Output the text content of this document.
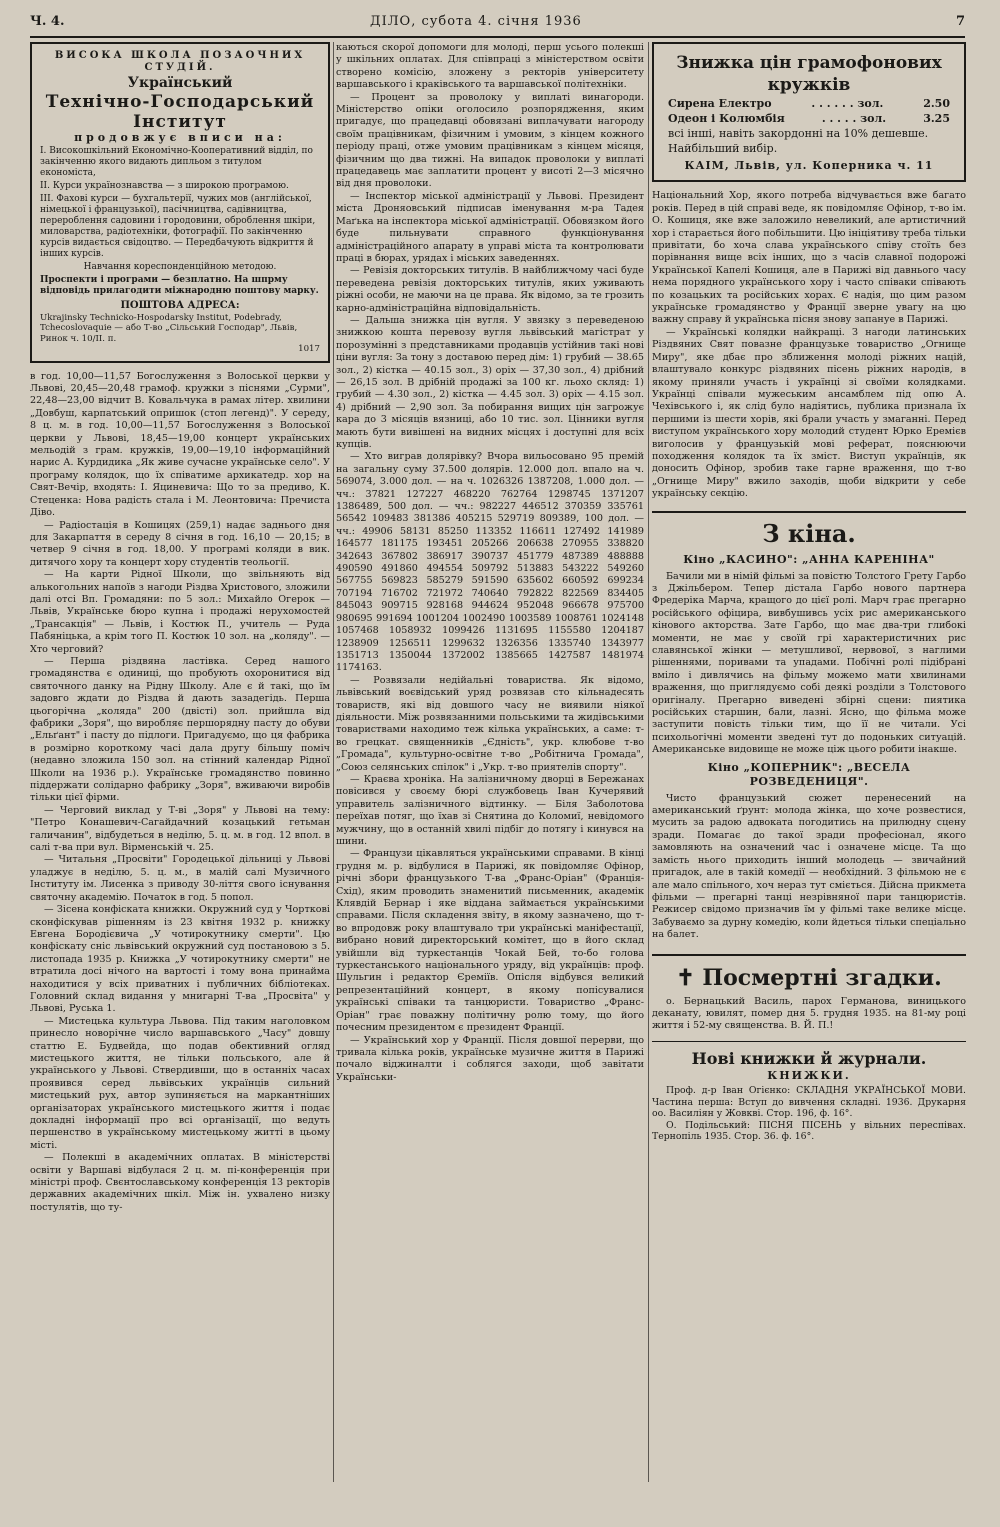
Ч. 4.	ДІЛО, субота 4. січня 1936	7
ВИСОКА ШКОЛА ПОЗАОЧНИХ СТУДІЙ.
Український
Технічно-Господарський Інститут
продовжує вписи на:
І. Високошкільний Економічно-Кооперативний відділ, по закінченню якого видають дипльом з титулом економіста,
ІІ. Курси українознавства — з широкою програмою.
ІІІ. Фахові курси — бухгальтерії, чужих мов (англійської, німецької і французької), пасічництва, садівництва, перероблення садовини і городовини, оброблення шкіри, миловарства, радіотехніки, фотографії. По закінченню курсів видається свідоцтво. — Передбачують відкриття й інших курсів.
Навчання кореспонденційною методою.
Проспекти і програми — безплатно. На шпрму відповідь прилагодити міжнародню поштову марку.
ПОШТОВА АДРЕСА:
Ukrajinsky Technicko-Hospodarsky Institut, Podebrady, Tchecoslovaquie — або Т-во „Сільський Господар", Львів, Ринок ч. 10/II. п.
1017

в год. 10,00—11,57 Богослуження з Волоської церкви у Львові, 20,45—20,48 грамоф. кружки з піснями „Сурми", 22,48—23,00 відчит В. Ковальчука в рамах літер. хвилини „Довбуш, карпатський опришок (стоп легенд)". У середу, 8 ц. м. в год. 10,00—11,57 Богослуження з Волоської церкви у Львові, 18,45—19,00 концерт українських мельодій з грам. кружків, 19,00—19,10 інформаційний нарис А. Курдидика „Як живе сучасне українське село". У програму колядок, що їх співатиме архикатедр. хор на Свят-Вечір, входять: І. Яциневича: Що то за предиво, К. Стеценка: Нова радість стала і М. Леонтовича: Пречиста Діво.

— Радіостація в Кошицях (259,1) надає заднього дня для Закарпаття в середу 8 січня в год. 16,10 — 20,15; в четвер 9 січня в год. 18,00. У програмі коляди в вик. дитячого хору та концерт хору студентів теольогії.

— На карти Рідної Школи, що звільняють від алькогольних напоїв з нагоди Різдва Христового, зложили далі отсі Вп. Громадяни: по 5 зол.: Михайло Огерок — Львів, Українське бюро купна і продажі нерухомостей „Трансакція" — Львів, і Костюк П., учитель — Руда Пабяніцька, а крім того П. Костюк 10 зол. на „коляду". — Хто черговий?

— Перша різдвяна ластівка. Серед нашого громадянства є одиниці, що пробують охоронитися від святочного данку на Рідну Школу. Але є й такі, що їм задовго ждати до Різдва й дають зазадегідь. Перша цьогорічна „коляда" 200 (двісті) зол. прийшла від фабрики „Зоря", що виробляє першорядну пасту до обуви „Ельґант" і пасту до підлоги. Пригадуємо, що ця фабрика в розмірно короткому часі дала другу більшу поміч (недавно зложила 150 зол. на стінний календар Рідної Школи на 1936 р.). Українське громадянство повинно піддержати солідарно фабрику „Зоря", вживаючи виробів тільки цієї фірми.

— Черговий виклад у Т-ві „Зоря" у Львові на тему: "Петро Конашевич-Сагайдачний козацький гетьман галичанин", відбудеться в неділю, 5. ц. м. в год. 12 впол. в салі т-ва при вул. Вірменській ч. 25.

— Читальня „Просвіти" Городецької дільниці у Львові уладжує в неділю, 5. ц. м., в малій салі Музичного Інституту ім. Лисенка з приводу 30-ліття свого існування святочну академію. Початок в год. 5 попол.

— Зісена конфіската книжки. Окружний суд у Чорткові сконфіскував рішенням із 23 квітня 1932 р. книжку Евгена Бородієвича „У чотирокутнику смерти". Цю конфіскату сніс львівський окружний суд постановою з 5. листопада 1935 р. Книжка „У чотирокутнику смерти" не втратила досі нічого на вартості і тому вона принайма находитися у всіх приватних і публичних бібліотеках. Головний склад видання у мнигарні Т-ва „Просвіта" у Львові, Руська 1.

— Мистецька культура Львова. Під таким наголовком принесло новорічне число варшавського „Часу" довшу статтю Е. Будвейда, що подав обективний огляд мистецького життя, не тільки польського, але й українського у Львові. Ствердивши, що в останніх часах проявився серед львівських українців сильний мистецький рух, автор зупиняється на маркантніших організаторах українського мистецького життя і подає докладні інформації про всі організації, що ведуть першенство в українському мистецькому житті в цьому місті.

— Полекші в академічних оплатах. В міністерстві освіти у Варшаві відбулася 2 ц. м. пі-конференція при міністрі проф. Свєнтославському конференція 13 ректорів державних академічних шкіл. Між ін. ухвалено низку постулятів, що ту-

каються скорої допомоги для молоді, перш усього полекші у шкільних оплатах. Для співпраці з міністерством освіти створено комісію, зложену з ректорів університету варшавського і краківського та варшавської політехніки.

— Процент за проволоку у виплаті винагороди. Міністерство опіки оголосило розпорядження, яким пригадує, що працедавці обовязані виплачувати нагороду своїм працівникам, фізичним і умовим, з кінцем кожного періоду праці, отже умовим працівникам з кінцем місяця, фізичним що два тижні. На випадок проволоки у виплаті працедавець має заплатити процент у висоті 2—3 місячно від дня проволоки.

— Інспектор міської адміністрації у Львові. Президент міста Дроняовський підписав іменування м-ра Тадея Маґька на інспектора міської адміністрації. Обовязком його буде пильнувати справного функціонування адміністраційного апарату в управі міста та контролювати праці в бюрах, урядах і міських заведеннях.

— Ревізія докторських титулів. В найближчому часі буде переведена ревізія докторських титулів, яких уживають ріжні особи, не маючи на це права. Як відомо, за те грозить карно-адміністраційна відповідальність.

— Дальша знижка цін вугля. У звязку з переведеною знижкою кошта перевозу вугля львівський магістрат у порозумінні з представниками продавців устійнив такі нові ціни вугля: За тону з доставою перед дім: 1) грубий — 38.65 зол., 2) кістка — 40.15 зол., 3) оріх — 37,30 зол., 4) дрібний — 26,15 зол. В дрібній продажі за 100 кг. льохо скляд: 1) грубий — 4.30 зол., 2) кістка — 4.45 зол. 3) оріх — 4.15 зол. 4) дрібний — 2,90 зол. За побирання вищих цін загрожує кара до 3 місяців вязниці, або 10 тис. зол. Цінники вугля мають бути вивішені на видних місцях і доступні для всіх купців.

— Хто виграв долярівку? Вчора вильосовано 95 премій на загальну суму 37.500 долярів. 12.000 дол. впало на ч. 569074, 3.000 дол. — на ч. 1026326 1387208, 1.000 дол. — чч.: 37821 127227 468220 762764 1298745 1371207 1386489, 500 дол. — чч.: 982227 446512 370359 335761 56542 109483 381386 405215 529719 809389, 100 дол. — чч.: 49906 58131 85250 113352 116611 127492 141989 164577 181175 193451 205266 206638 270955 338820 342643 367802 386917 390737 451779 487389 488888 490590 491860 494554 509792 513883 543222 549260 567755 569823 585279 591590 635602 660592 699234 707194 716702 721972 740640 792822 822569 834405 845043 909715 928168 944624 952048 966678 975700 980695 991694 1001204 1002490 1003589 1008761 1024148 1057468 1058932 1099426 1131695 1155580 1204187 1238909 1256511 1299632 1326356 1335740 1343977 1351713 1350044 1372002 1385665 1427587 1481974 1174163.

— Розвязали недійальні товариства. Як відомо, львівський воєвідський уряд розвязав сто кільнадесять товариств, які від довшого часу не виявили ніякої діяльности. Між розвязанними польськими та жидівськими товариствами находимо теж кілька українських, а саме: т-во грецкат. священників „Єдність", укр. клюбове т-во „Громада", культурно-освітне т-во „Робітнича Громада", „Союз селянських спілок" і „Укр. т-во приятелів спорту".

— Краєва хроніка. На залізничному дворці в Бережанах повісився у своєму бюрі службовець Іван Кучерявий управитель залізничного відтинку. — Біля Заболотова переїхав потяг, що їхав зі Снятина до Коломиї, невідомого мужчину, що в останній хвилі підбіг до потягу і кинувся на шини.

— Французи цікавляться українськими справами. В кінці грудня м. р. відбулися в Парижі, як повідомляє Офінор, річні збори французького Т-ва „Франс-Оріан" (Франція-Схід), яким проводить знаменитий письменник, академік Клявдій Бернар і яке віддана займається українськими справами. Після складення звіту, в якому зазначено, що т-во впродовж року влаштувало три українські маніфестації, вибрано новий директорський комітет, що в його склад увійшли від туркестанців Чокай Бей, то-бо голова туркестанського національного уряду, від українців: проф. Шульгин і редактор Єреміїв. Опісля відбувся великий репрезентаційний концерт, в якому попісувалися українські співаки та танцюристи. Товариство „Франс-Оріан" грає поважну політичну ролю тому, що його почесним президентом є президент Франції.

— Український хор у Франції. Після довшої перерви, що тривала кілька років, українське музичне життя в Парижі почало віджиналти і соблягся заходи, щоб завітати Українськи-

Знижка цін грамофонових кружків
Сирена Електро	. . . . . . зол.	2.50
Одеон і Колюмбія	. . . . . зол.	3.25
всі інші, навіть закордонні на 10% дешевше. Найбільший вибір.
КАІМ, Львів, ул. Коперника ч. 11

Національний Хор, якого потреба відчувається вже багато років. Перед в цій справі веде, як повідомляє Офінор, т-во ім. О. Кошиця, яке вже заложило невеликий, але артистичний хор і старається його побільшити. Цю ініціятиву треба тільки привітати, бо хоча слава українського співу стоїть без порівнання вище всіх інших, що з часів славної подорожі Української Капелі Кошиця, але в Парижі від давнього часу нема порядного українського хору і часто співаки співають по козацьких та російських хорах. Є надія, що цим разом українське громадянство у Франції зверне увагу на цю важну справу й українська пісня знову запануе в Парижі.

— Українські колядки найкращі. З нагоди латинських Різдвяних Свят повазне французьке товариство „Огнище Миру", яке дбає про зближення молоді ріжних націй, влаштувало конкурс різдвяних пісень ріжних народів, в якому приняли участь і українці зі своїми колядками. Українці співали мужеським ансамблем під опю А. Чехівського і, як слід було надіятись, публика признала їх першими із шести хорів, які брали участь у змаганні. Перед виступом українського хору молодий студент Юрко Еремієв виголосив у французькій мові реферат, пояснюючи походження колядок та їх зміст. Виступ українців, як доносить Офінор, зробив таке гарне враження, що т-во „Огнище Миру" вжило заходів, щоби відкрити у себе українську секцію.

З кіна.
Кіно „КАСИНО": „АННА КАРЕНІНА"

Бачили ми в німій фільмі за повістю Толстого Грету Гарбо з Джільбером. Тепер дістала Гарбо нового партнера Фредеріка Марча, кращого до цієї ролі. Марч грає прегарно російського офіцира, вивбушивсь усіх рис американського кінового акторства. Зате Гарбо, що має два-три глибокі моменти, не має у своїй грі характеристичних рис славянської жінки — метушливої, нервової, з наглими рішеннями, поривами та упадами. Побічні ролі підібрані вміло і дивлячись на фільму можемо мати хвилинами враження, що приглядуємо собі деякі розділи з Толстового оригіналу. Прегарно виведені збірні сцени: пиятика російських старшин, бали, лазні. Ясно, що фільма може заступити повість тільки тим, що її не читали. Усі психольогічні моменти зведені тут до подоньких ситуацій. Американське видовище не може ціж цього робити інакше.

Кіно „КОПЕРНИК": „ВЕСЕЛА РОЗВЕДЕНИЦЯ".

Чисто французький сюжет перенесений на американський ґрунт: молода жінка, що хоче розвестися, мусить за радою адвоката погодитись на прилюдну сцену зради. Помагає до такої зради професіонал, якого замовляють на означений час і означене місце. Та що замість нього приходить інший молодець — звичайний пригадок, але в такій комедії — необхідний. З фільмою не є але мало спільного, хоч нераз тут сміється. Дійсна прикмета фільми — прегарні танці незрівняної пари танцюристів. Режисер свідомо призначив їм у фільмі таке велике місце. Забуваємо за дурну комедію, коли йдеться тільки спеціально на балет.

✝ Посмертні згадки.

о. Бернацький Василь, парох Германова, виницького деканату, ювилят, помер дня 5. грудня 1935. на 81-му році життя і 52-му священства. В. Й. П.!

Нові книжки й журнали.
КНИЖКИ.

Проф. д-р Іван Огієнко: СКЛАДНЯ УКРАЇНСЬКОЇ МОВИ. Частина перша: Вступ до вивчення складні. 1936. Друкарня оо. Василіян у Жовкві. Стор. 196, ф. 16°.

О. Подільський: ПІСНЯ ПІСЕНЬ у вільних переспівах. Тернопіль 1935. Стор. 36. ф. 16°.
